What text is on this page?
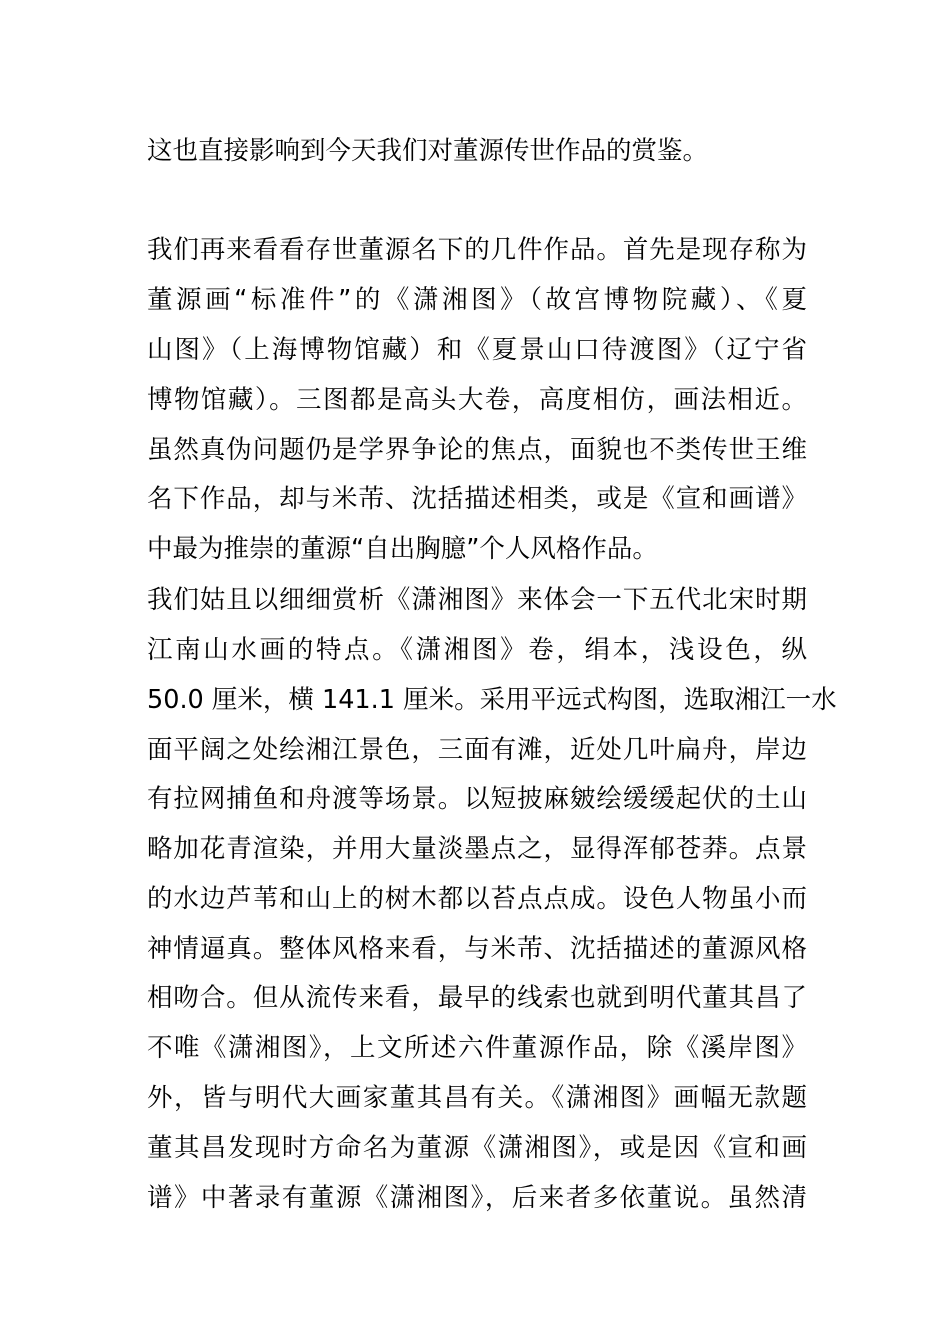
这也直接影响到今天我们对董源传世作品的赏鉴。
我们再来看看存世董源名下的几件作品。首先是现存称为
董源画“标准件”的《潇湘图》（故宫博物院藏）、《夏
山图》（上海博物馆藏）和《夏景山口待渡图》（辽宁省
博物馆藏）。三图都是高头大卷，高度相仿，画法相近。
虽然真伪问题仍是学界争论的焦点，面貌也不类传世王维
名下作品，却与米芾、沈括描述相类，或是《宣和画谱》
中最为推崇的董源“自出胸臆”个人风格作品。
我们姑且以细细赏析《潇湘图》来体会一下五代北宋时期
江南山水画的特点。《潇湘图》卷，绢本，浅设色，纵
50.0 厘米，横 141.1 厘米。采用平远式构图，选取湘江一水
面平阔之处绘湘江景色，三面有滩，近处几叶扁舟，岸边
有拉网捕鱼和舟渡等场景。以短披麻皴绘缓缓起伏的土山
略加花青渲染，并用大量淡墨点之，显得浑郁苍莽。点景
的水边芦苇和山上的树木都以苔点点成。设色人物虽小而
神情逼真。整体风格来看，与米芾、沈括描述的董源风格
相吻合。但从流传来看，最早的线索也就到明代董其昌了
不唯《潇湘图》，上文所述六件董源作品，除《溪岸图》
外，皆与明代大画家董其昌有关。《潇湘图》画幅无款题
董其昌发现时方命名为董源《潇湘图》，或是因《宣和画
谱》中著录有董源《潇湘图》，后来者多依董说。虽然清
